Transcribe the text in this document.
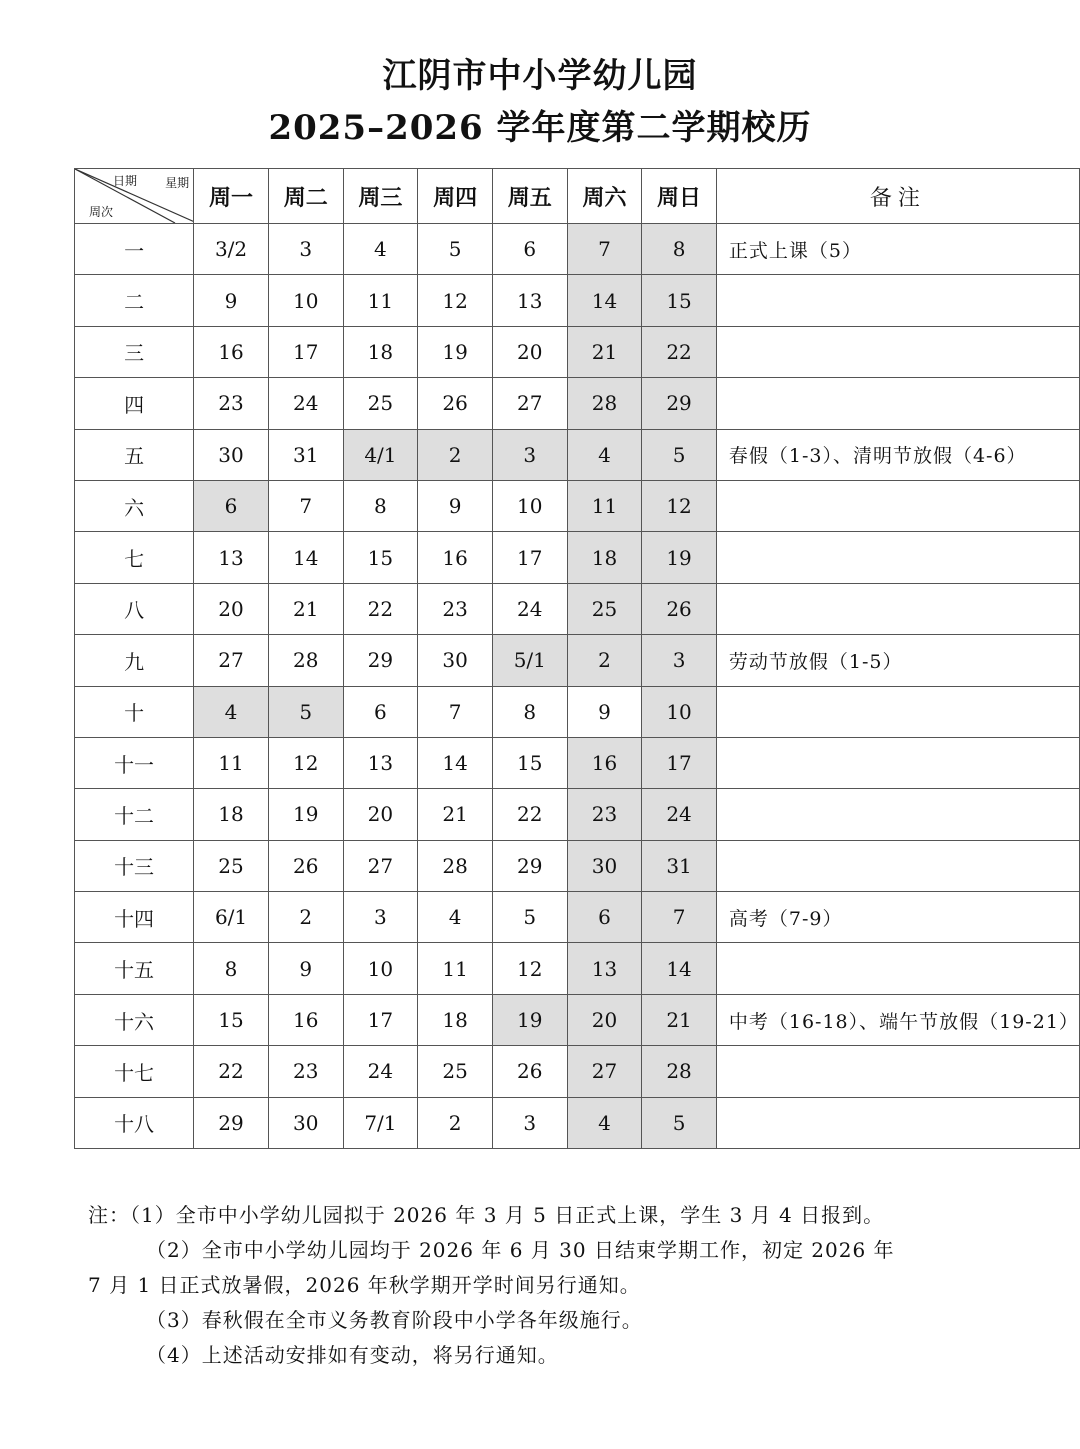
江阴市中小学幼儿园
2025–2026 学年度第二学期校历
日期 星期
周次	周一	周二	周三	周四	周五	周六	周日	备注
一	3/2	3	4	5	6	7	8	正式上课（5）
二	9	10	11	12	13	14	15	
三	16	17	18	19	20	21	22	
四	23	24	25	26	27	28	29	
五	30	31	4/1	2	3	4	5	春假（1-3）、清明节放假（4-6）
六	6	7	8	9	10	11	12	
七	13	14	15	16	17	18	19	
八	20	21	22	23	24	25	26	
九	27	28	29	30	5/1	2	3	劳动节放假（1-5）
十	4	5	6	7	8	9	10	
十一	11	12	13	14	15	16	17	
十二	18	19	20	21	22	23	24	
十三	25	26	27	28	29	30	31	
十四	6/1	2	3	4	5	6	7	高考（7-9）
十五	8	9	10	11	12	13	14	
十六	15	16	17	18	19	20	21	中考（16-18）、端午节放假（19-21）
十七	22	23	24	25	26	27	28	
十八	29	30	7/1	2	3	4	5	

注：（1）全市中小学幼儿园拟于 2026 年 3 月 5 日正式上课，学生 3 月 4 日报到。

（2）全市中小学幼儿园均于 2026 年 6 月 30 日结束学期工作，初定 2026 年

7 月 1 日正式放暑假，2026 年秋学期开学时间另行通知。

（3）春秋假在全市义务教育阶段中小学各年级施行。

（4）上述活动安排如有变动，将另行通知。
